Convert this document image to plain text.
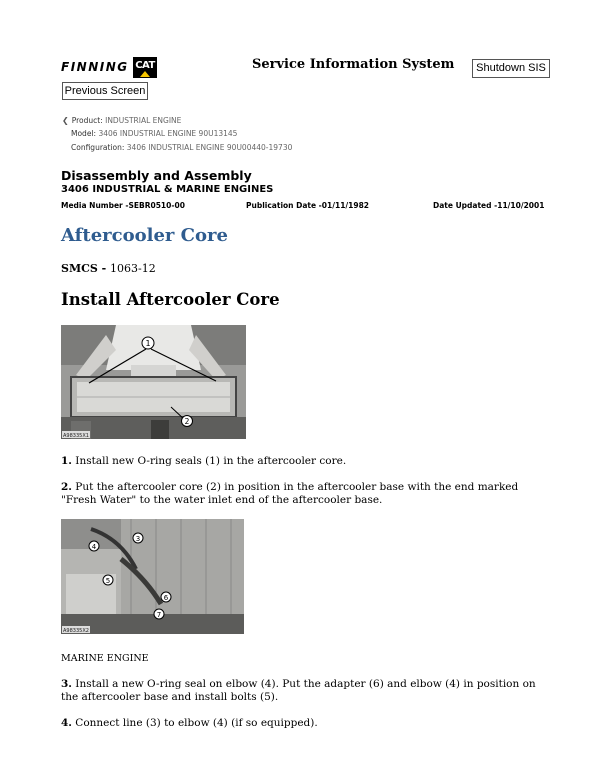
FINNING CAT	Service Information System	Shutdown SIS
Previous Screen
❮ Product: INDUSTRIAL ENGINE
Model: 3406 INDUSTRIAL ENGINE 90U13145
Configuration: 3406 INDUSTRIAL ENGINE 90U00440-19730
Disassembly and Assembly
3406 INDUSTRIAL & MARINE ENGINES
Media Number -SEBR0510-00	Publication Date -01/11/1982	Date Updated -11/10/2001
Aftercooler Core
SMCS - 1063-12
Install Aftercooler Core
1
2
A98335X1
1. Install new O-ring seals (1) in the aftercooler core.
2. Put the aftercooler core (2) in position in the aftercooler base with the end marked "Fresh Water" to the water inlet end of the aftercooler base.
4
3
5
6
7
A98335X2
MARINE ENGINE
3. Install a new O-ring seal on elbow (4). Put the adapter (6) and elbow (4) in position on the aftercooler base and install bolts (5).
4. Connect line (3) to elbow (4) (if so equipped).
